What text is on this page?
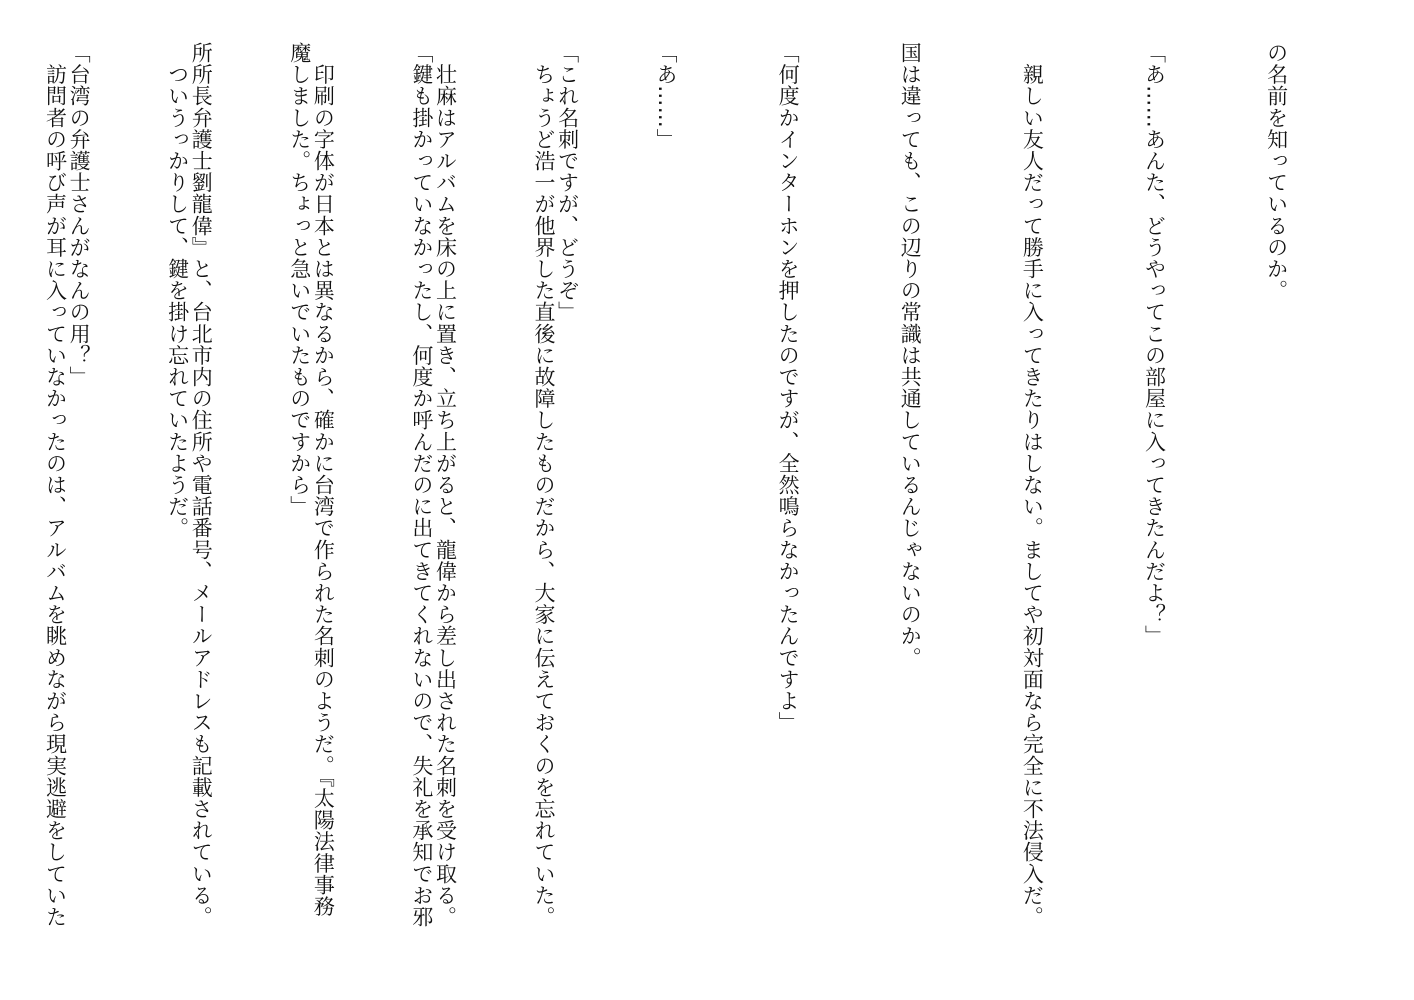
の名前を知っているのか。

「あ……あんた、どうやってこの部屋に入ってきたんだよ？」

　親しい友人だって勝手に入ってきたりはしない。ましてや初対面なら完全に不法侵入だ。

国は違っても、この辺りの常識は共通しているんじゃないのか。

「何度かインターホンを押したのですが、全然鳴らなかったんですよ」

「あ……」

　ちょうど浩一が他界した直後に故障したものだから、大家に伝えておくのを忘れていた。

「鍵も掛かっていなかったし、何度か呼んだのに出てきてくれないので、失礼を承知でお邪

魔しました。ちょっと急いでいたものですから」

　ついうっかりして、鍵を掛け忘れていたようだ。

　訪問者の呼び声が耳に入っていなかったのは、アルバムを眺めながら現実逃避をしていた

	「これ名刺ですが、どうぞ」

　壮麻はアルバムを床の上に置き、立ち上がると、龍偉から差し出された名刺を受け取る。

　印刷の字体が日本とは異なるから、確かに台湾で作られた名刺のようだ。『太陽法律事務

所所長弁護士劉龍偉』と、台北市内の住所や電話番号、メールアドレスも記載されている。

「台湾の弁護士さんがなんの用？」
